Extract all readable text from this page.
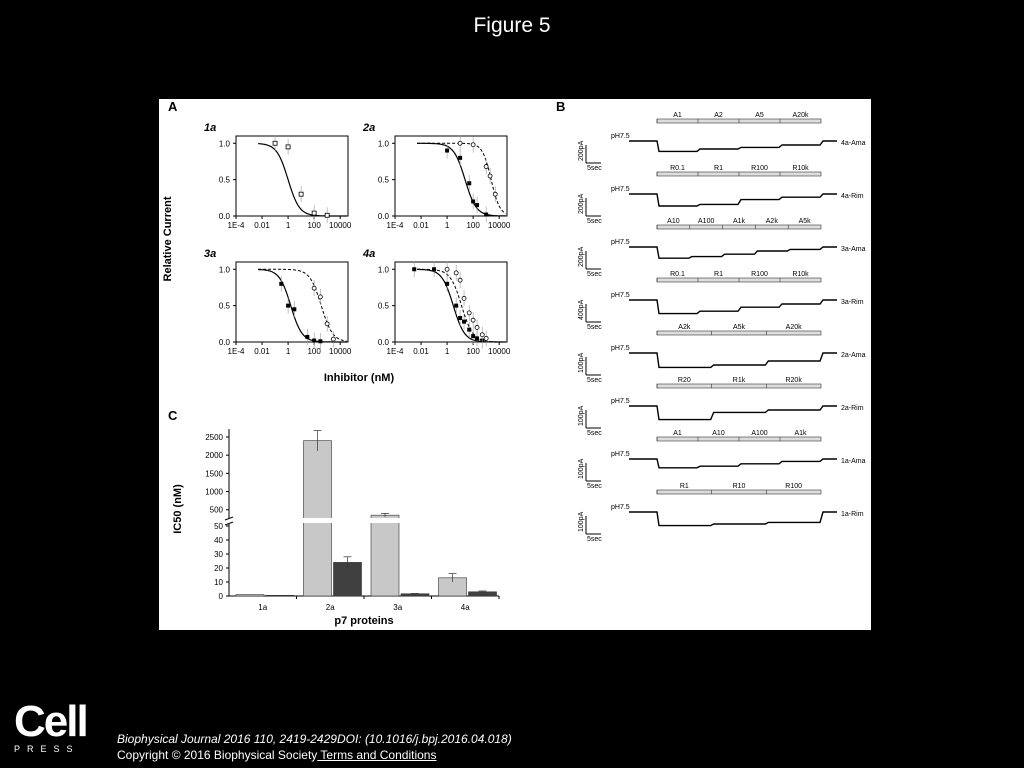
Figure 5
A	B
C
1a
1E-4 0.01 1 100 10000
0.0
0.5
1.0
2a
1E-4 0.01 1 100 10000
0.0
0.5
1.0
3a
1E-4 0.01 1 100 10000
0.0
0.5
1.0
4a
1E-4 0.01 1 100 10000
0.0
0.5
1.0
Relative Current
Inhibitor (nM)
pH7.5
4a-Ama
200pA
5sec
A1	A2	A5	A20k
pH7.5
4a-Rim
200pA
5sec
R0.1	R1	R100	R10k
pH7.5
3a-Ama
200pA
5sec
A10	A100	A1k	A2k	A5k
pH7.5
3a-Rim
400pA
5sec
R0.1	R1	R100	R10k
pH7.5
2a-Ama
100pA
5sec
A2k	A5k	A20k
pH7.5
2a-Rim
100pA
5sec
R20	R1k	R20k
pH7.5
1a-Ama
100pA
5sec
A1	A10	A100	A1k
pH7.5
1a-Rim
100pA
5sec
R1	R10	R100
0
10
20
30
40
50
500
1000
1500
2000
2500
1a	2a	3a	4a
IC50 (nM)
p7 proteins
Cell
PRESS
Biophysical Journal 2016 110, 2419-2429DOI: (10.1016/j.bpj.2016.04.018)
Copyright © 2016 Biophysical Society Terms and Conditions
